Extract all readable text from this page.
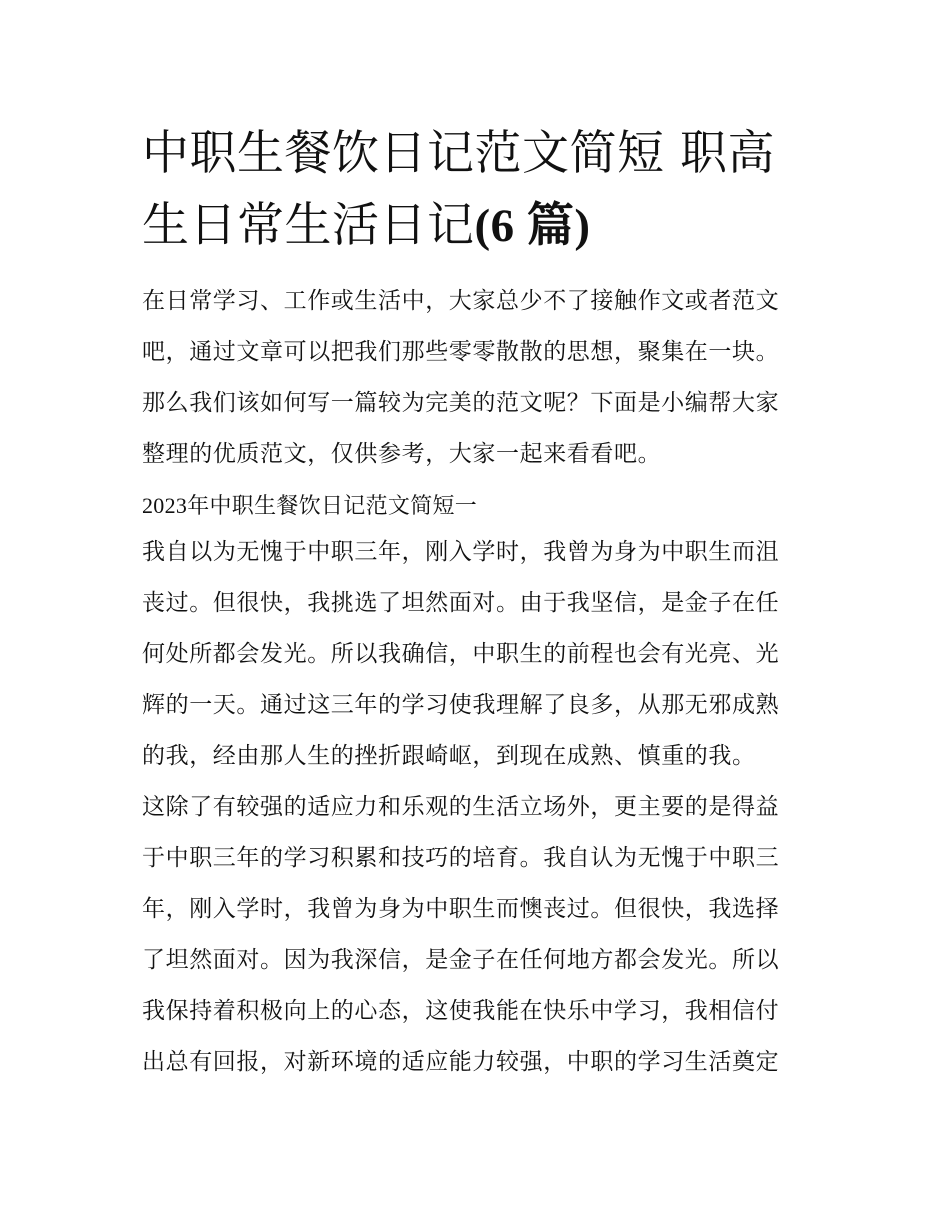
中职生餐饮日记范文简短 职高
生日常生活日记(6 篇)
在日常学习、工作或生活中，大家总少不了接触作文或者范文
吧，通过文章可以把我们那些零零散散的思想，聚集在一块。
那么我们该如何写一篇较为完美的范文呢？下面是小编帮大家
整理的优质范文，仅供参考，大家一起来看看吧。
2023年中职生餐饮日记范文简短一
我自以为无愧于中职三年，刚入学时，我曾为身为中职生而沮
丧过。但很快，我挑选了坦然面对。由于我坚信，是金子在任
何处所都会发光。所以我确信，中职生的前程也会有光亮、光
辉的一天。通过这三年的学习使我理解了良多，从那无邪成熟
的我，经由那人生的挫折跟崎岖，到现在成熟、慎重的我。
这除了有较强的适应力和乐观的生活立场外，更主要的是得益
于中职三年的学习积累和技巧的培育。我自认为无愧于中职三
年，刚入学时，我曾为身为中职生而懊丧过。但很快，我选择
了坦然面对。因为我深信，是金子在任何地方都会发光。所以
我保持着积极向上的心态，这使我能在快乐中学习，我相信付
出总有回报，对新环境的适应能力较强，中职的学习生活奠定
